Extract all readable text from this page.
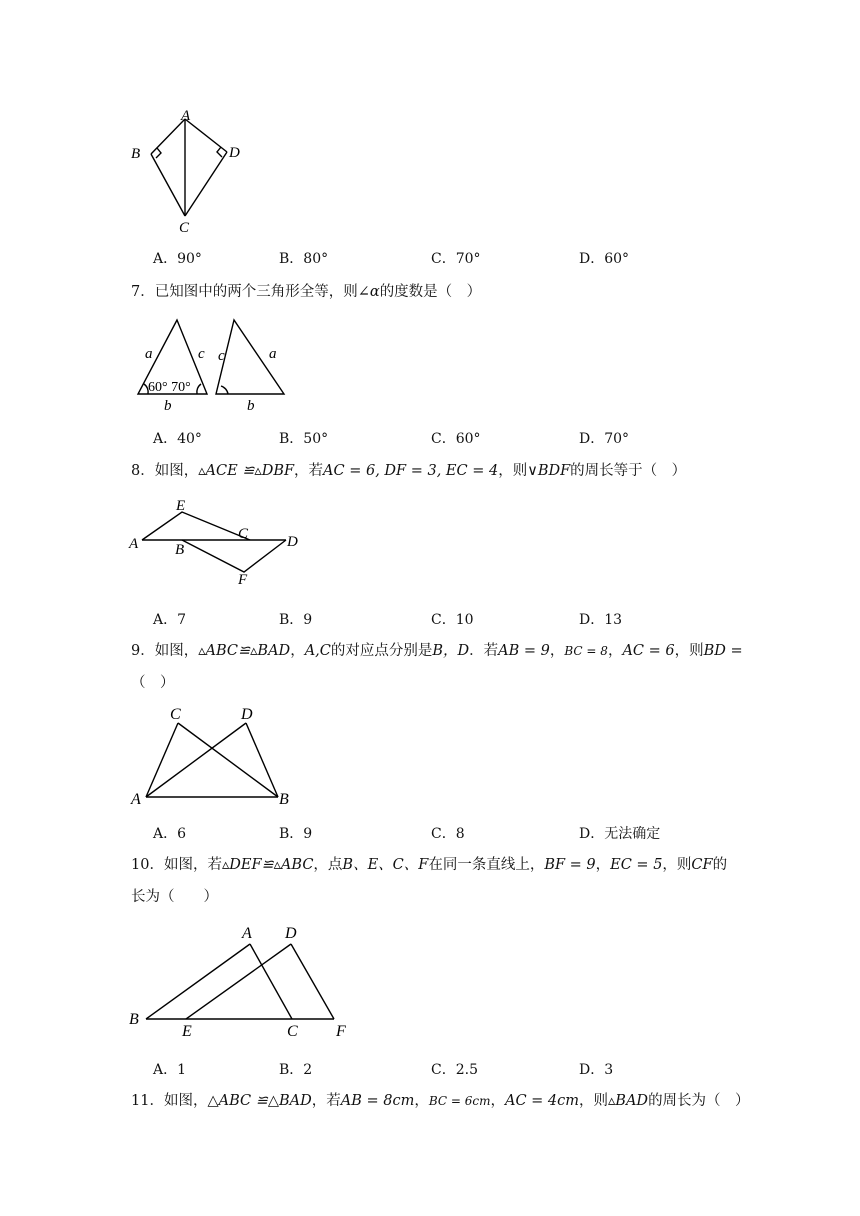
A
B	D
C
A．90°	B．80°	C．70°	D．60°
7．已知图中的两个三角形全等，则∠α的度数是（　）
a	c
60° 70°
b
c	a
b
A．40°	B．50°	C．60°	D．70°
8．如图，▵ACE ≌▵DBF，若AC = 6, DF = 3, EC = 4，则∨BDF的周长等于（　）
A
E
C	D
B
F
A．7	B．9	C．10	D．13
9．如图，▵ABC≌▵BAD，A,C的对应点分别是B，D．若AB = 9，BC = 8，AC = 6，则BD =
（　）
C	D
A	B
A．6	B．9	C．8	D．无法确定
10．如图，若▵DEF≌▵ABC，点B、E、C、F在同一条直线上，BF = 9，EC = 5，则CF的
长为（　　）
A D
B
E	C F
A．1	B．2	C．2.5	D．3
11．如图，△ABC ≌△BAD，若AB = 8cm，BC = 6cm，AC = 4cm，则▵BAD的周长为（　）
